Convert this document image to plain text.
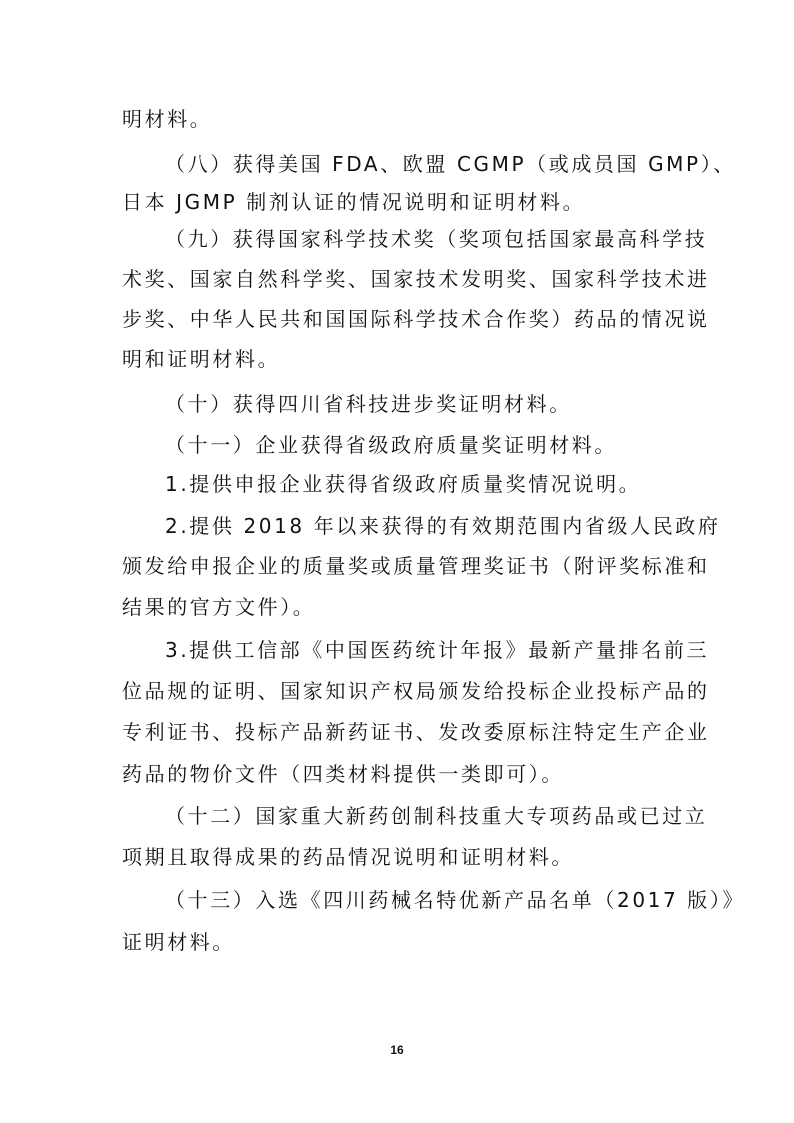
明材料。
（八）获得美国 FDA、欧盟 CGMP（或成员国 GMP）、
日本 JGMP 制剂认证的情况说明和证明材料。
（九）获得国家科学技术奖（奖项包括国家最高科学技
术奖、国家自然科学奖、国家技术发明奖、国家科学技术进
步奖、中华人民共和国国际科学技术合作奖）药品的情况说
明和证明材料。
（十）获得四川省科技进步奖证明材料。
（十一）企业获得省级政府质量奖证明材料。
1.提供申报企业获得省级政府质量奖情况说明。
2.提供 2018 年以来获得的有效期范围内省级人民政府
颁发给申报企业的质量奖或质量管理奖证书（附评奖标准和
结果的官方文件）。
3.提供工信部《中国医药统计年报》最新产量排名前三
位品规的证明、国家知识产权局颁发给投标企业投标产品的
专利证书、投标产品新药证书、发改委原标注特定生产企业
药品的物价文件（四类材料提供一类即可）。
（十二）国家重大新药创制科技重大专项药品或已过立
项期且取得成果的药品情况说明和证明材料。
（十三）入选《四川药械名特优新产品名单（2017 版）》
证明材料。
16
